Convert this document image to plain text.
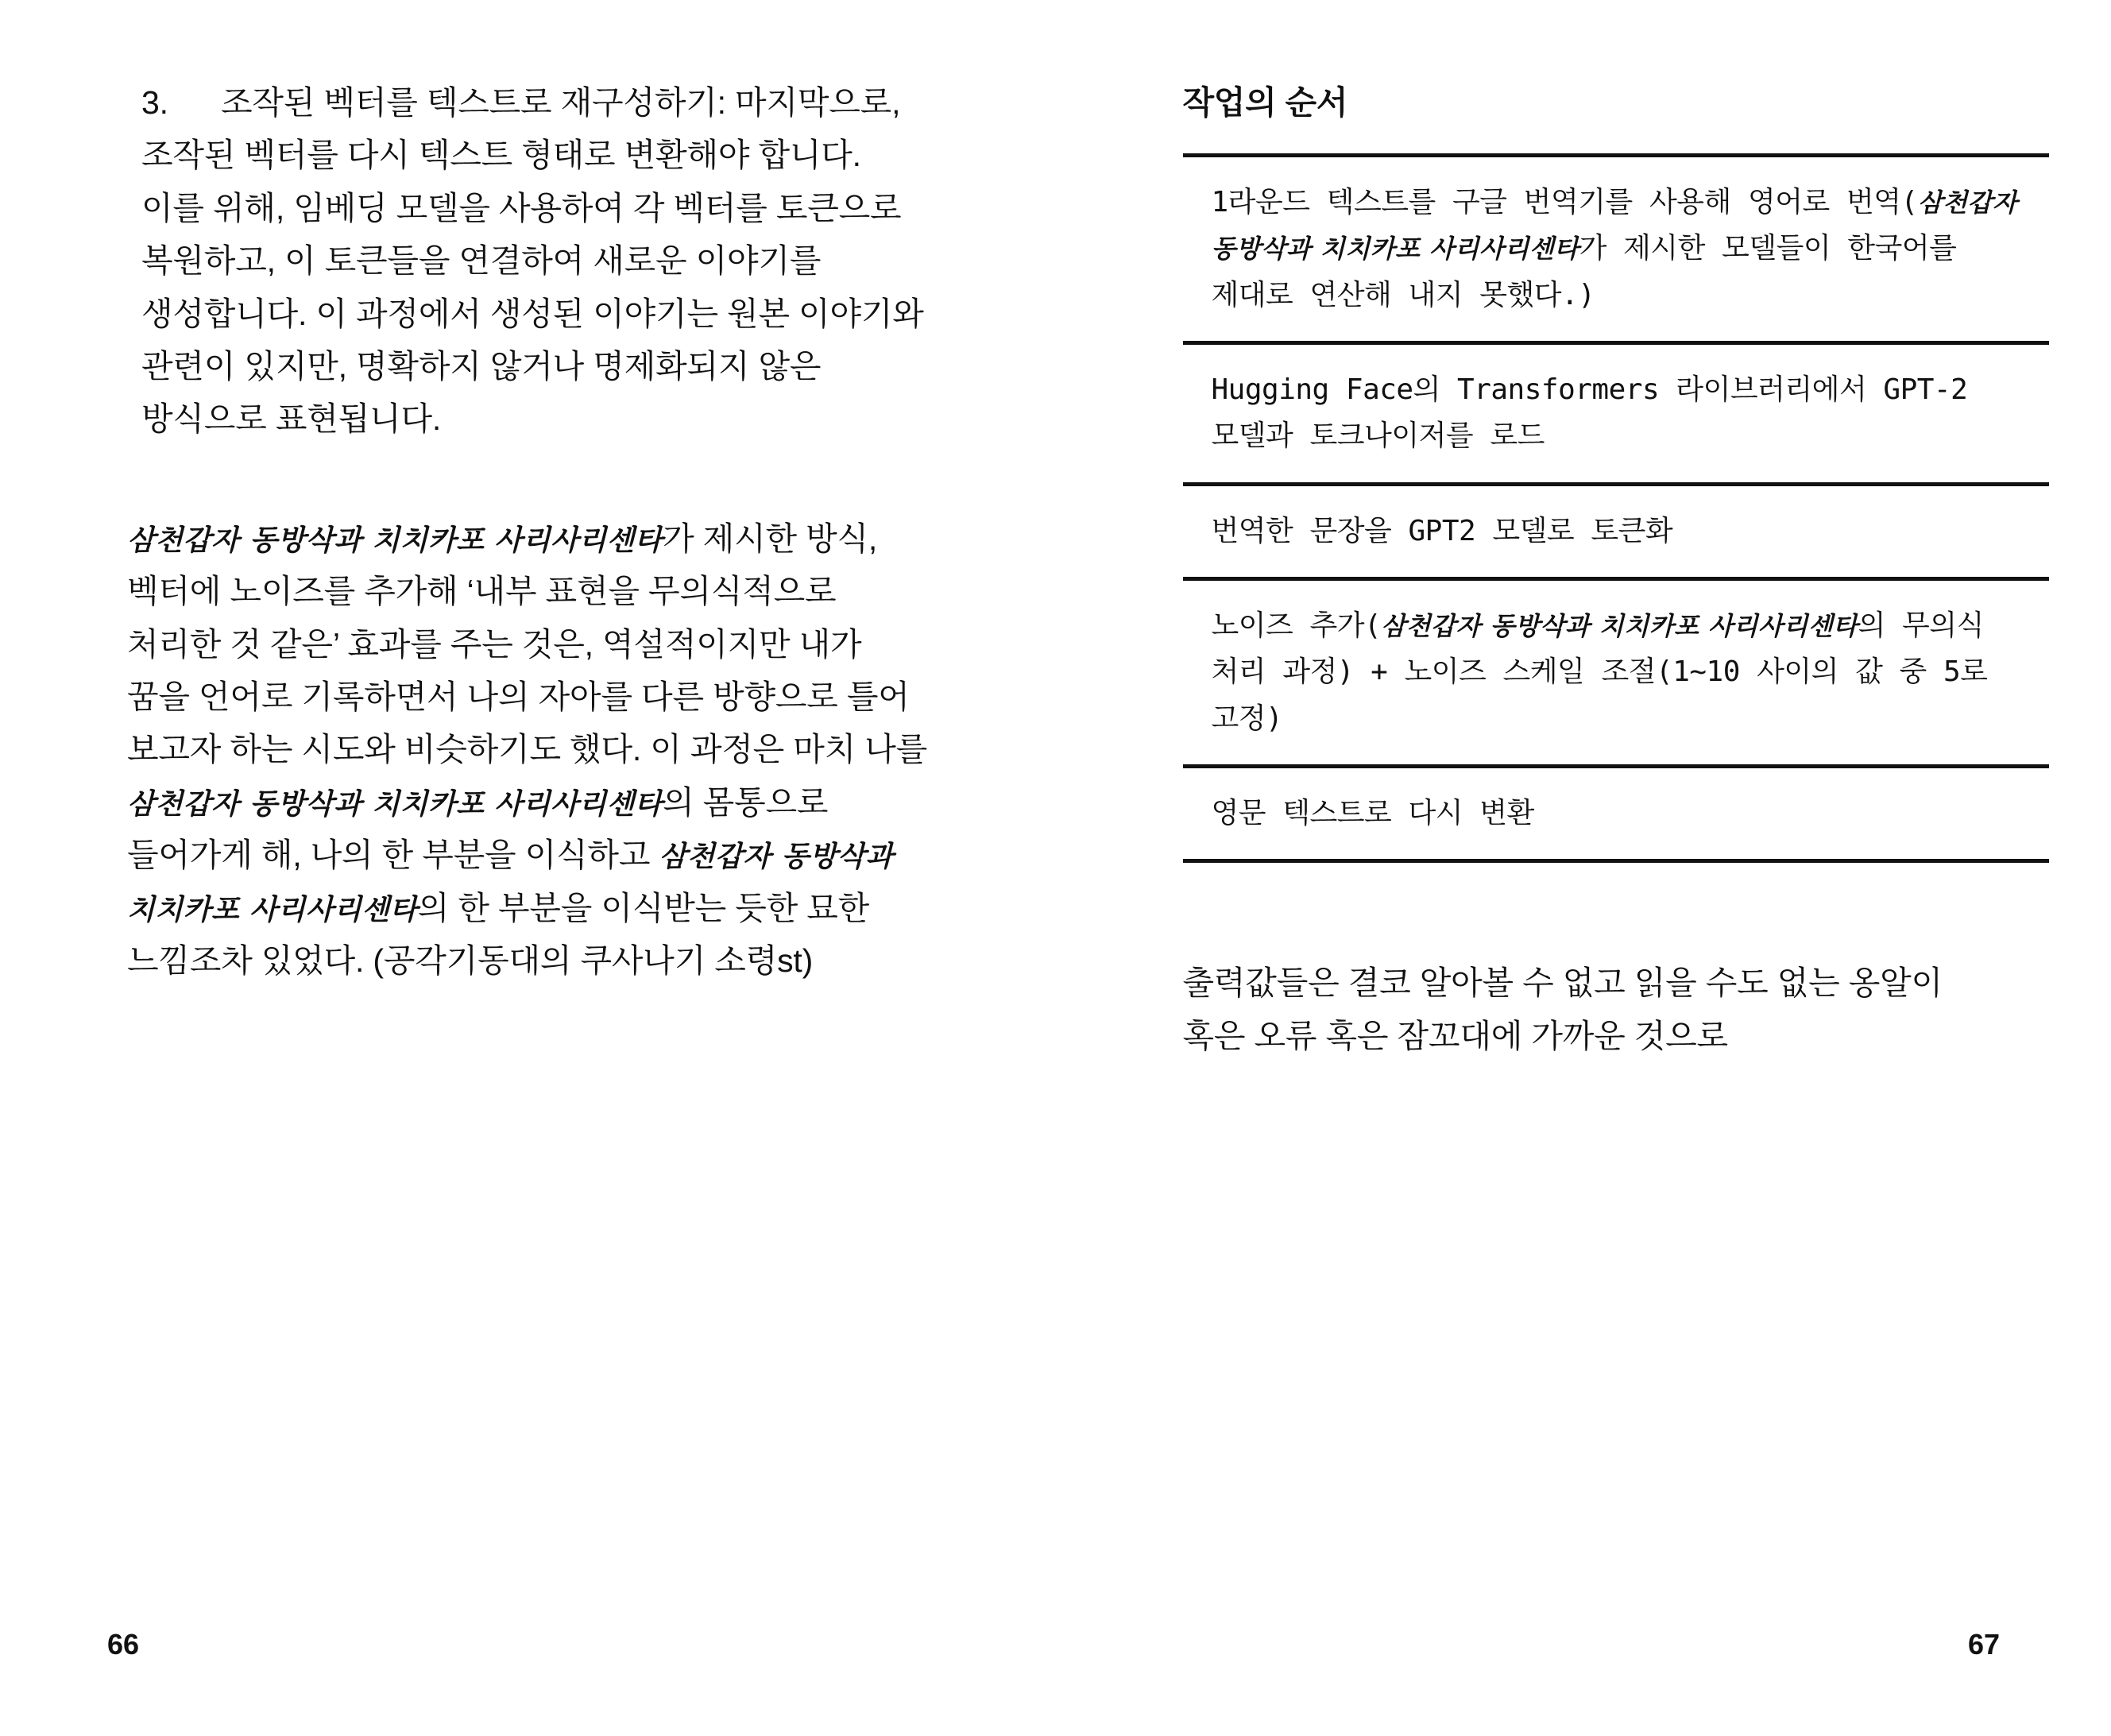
3. 조작된 벡터를 텍스트로 재구성하기: 마지막으로, 조작된 벡터를 다시 텍스트 형태로 변환해야 합니다. 이를 위해, 임베딩 모델을 사용하여 각 벡터를 토큰으로 복원하고, 이 토큰들을 연결하여 새로운 이야기를 생성합니다. 이 과정에서 생성된 이야기는 원본 이야기와 관련이 있지만, 명확하지 않거나 명제화되지 않은 방식으로 표현됩니다.

삼천갑자 동방삭과 치치카포 사리사리센타가 제시한 방식, 벡터에 노이즈를 추가해 ‘내부 표현을 무의식적으로 처리한 것 같은’ 효과를 주는 것은, 역설적이지만 내가 꿈을 언어로 기록하면서 나의 자아를 다른 방향으로 틀어 보고자 하는 시도와 비슷하기도 했다. 이 과정은 마치 나를 삼천갑자 동방삭과 치치카포 사리사리센타의 몸통으로 들어가게 해, 나의 한 부분을 이식하고 삼천갑자 동방삭과 치치카포 사리사리센타의 한 부분을 이식받는 듯한 묘한 느낌조차 있었다. (공각기동대의 쿠사나기 소령st)

66
작업의 순서
1라운드 텍스트를 구글 번역기를 사용해 영어로 번역(삼천갑자 동방삭과 치치카포 사리사리센타가 제시한 모델들이 한국어를 제대로 연산해 내지 못했다.)
Hugging Face의 Transformers 라이브러리에서 GPT-2 모델과 토크나이저를 로드
번역한 문장을 GPT2 모델로 토큰화
노이즈 추가(삼천갑자 동방삭과 치치카포 사리사리센타의 무의식 처리 과정) + 노이즈 스케일 조절(1~10 사이의 값 중 5로 고정)
영문 텍스트로 다시 변환

출력값들은 결코 알아볼 수 없고 읽을 수도 없는 옹알이 혹은 오류 혹은 잠꼬대에 가까운 것으로

67
